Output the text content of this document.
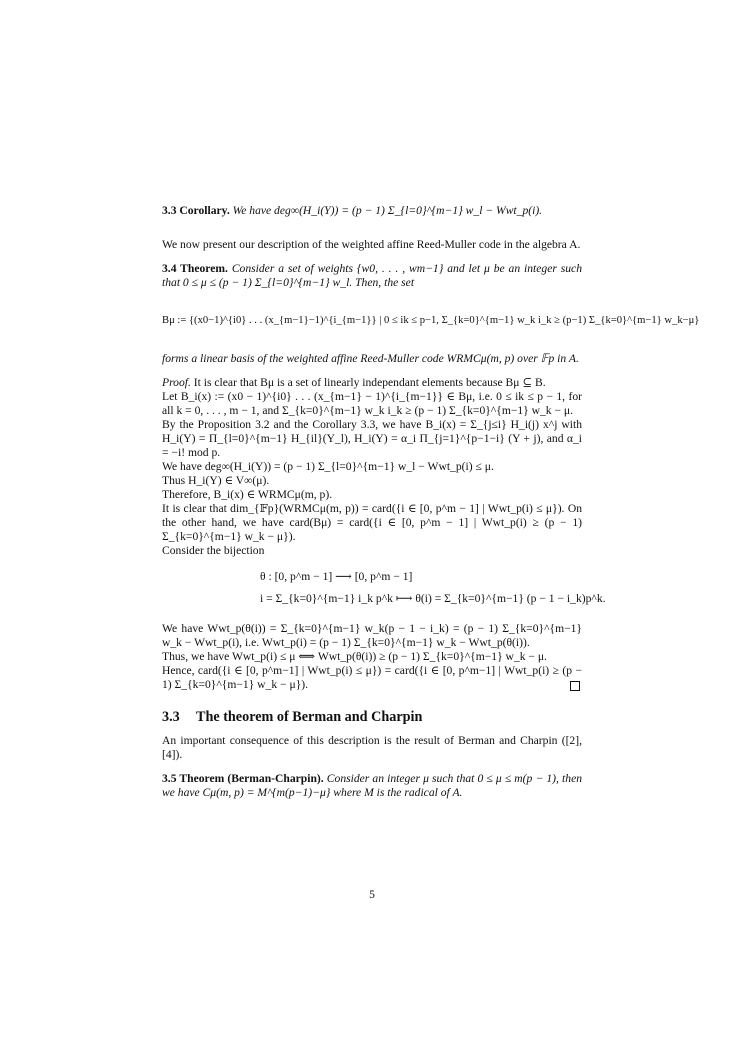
3.3 Corollary. We have deg∞(H_i(Y)) = (p − 1) Σ_{l=0}^{m−1} w_l − Wwt_p(i).

We now present our description of the weighted affine Reed-Muller code in the algebra A.

3.4 Theorem. Consider a set of weights {w0, . . . , wm−1} and let μ be an integer such that 0 ≤ μ ≤ (p − 1) Σ_{l=0}^{m−1} w_l. Then, the set
Bμ := {(x0−1)^{i0} . . . (x_{m−1}−1)^{i_{m−1}} | 0 ≤ ik ≤ p−1, Σ_{k=0}^{m−1} w_k i_k ≥ (p−1) Σ_{k=0}^{m−1} w_k−μ}

forms a linear basis of the weighted affine Reed-Muller code WRMCμ(m, p) over 𝔽p in A.

Proof. It is clear that Bμ is a set of linearly independant elements because Bμ ⊆ B.

Let B_i(x) := (x0 − 1)^{i0} . . . (x_{m−1} − 1)^{i_{m−1}} ∈ Bμ, i.e. 0 ≤ ik ≤ p − 1, for all k = 0, . . . , m − 1, and Σ_{k=0}^{m−1} w_k i_k ≥ (p − 1) Σ_{k=0}^{m−1} w_k − μ.

By the Proposition 3.2 and the Corollary 3.3, we have B_i(x) = Σ_{j≤i} H_i(j) x^j with H_i(Y) = Π_{l=0}^{m−1} H_{il}(Y_l), H_i(Y) = α_i Π_{j=1}^{p−1−i} (Y + j), and α_i = −i! mod p.

We have deg∞(H_i(Y)) = (p − 1) Σ_{l=0}^{m−1} w_l − Wwt_p(i) ≤ μ.

Thus H_i(Y) ∈ V∞(μ).

Therefore, B_i(x) ∈ WRMCμ(m, p).

It is clear that dim_{𝔽p}(WRMCμ(m, p)) = card({i ∈ [0, p^m − 1] | Wwt_p(i) ≤ μ}). On the other hand, we have card(Bμ) = card({i ∈ [0, p^m − 1] | Wwt_p(i) ≥ (p − 1) Σ_{k=0}^{m−1} w_k − μ}).

Consider the bijection

θ : [0, p^m − 1] ⟶ [0, p^m − 1]
i = Σ_{k=0}^{m−1} i_k p^k ⟼ θ(i) = Σ_{k=0}^{m−1} (p − 1 − i_k)p^k.

We have Wwt_p(θ(i)) = Σ_{k=0}^{m−1} w_k(p − 1 − i_k) = (p − 1) Σ_{k=0}^{m−1} w_k − Wwt_p(i), i.e. Wwt_p(i) = (p − 1) Σ_{k=0}^{m−1} w_k − Wwt_p(θ(i)).

Thus, we have Wwt_p(i) ≤ μ ⟺ Wwt_p(θ(i)) ≥ (p − 1) Σ_{k=0}^{m−1} w_k − μ.

Hence, card({i ∈ [0, p^m−1] | Wwt_p(i) ≤ μ}) = card({i ∈ [0, p^m−1] | Wwt_p(i) ≥ (p − 1) Σ_{k=0}^{m−1} w_k − μ}).

3.3 The theorem of Berman and Charpin

An important consequence of this description is the result of Berman and Charpin ([2],[4]).

3.5 Theorem (Berman-Charpin). Consider an integer μ such that 0 ≤ μ ≤ m(p − 1), then we have Cμ(m, p) = M^{m(p−1)−μ} where M is the radical of A.
5
